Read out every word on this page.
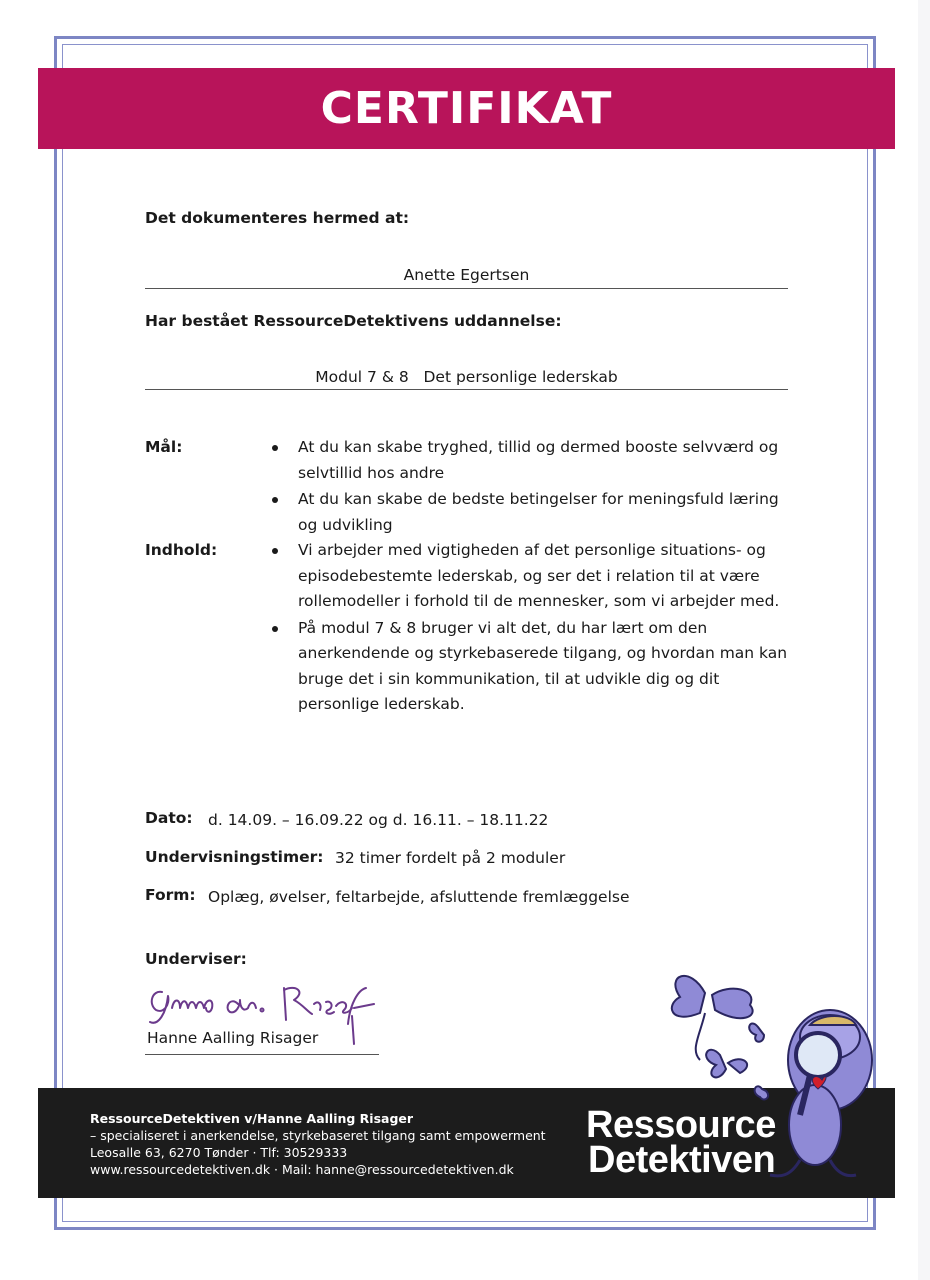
CERTIFIKAT
Det dokumenteres hermed at:
Anette Egertsen
Har bestået RessourceDetektivens uddannelse:
Modul 7 & 8   Det personlige lederskab
Mål:	At du kan skabe tryghed, tillid og dermed booste selvværd og selvtillid hos andre
At du kan skabe de bedste betingelser for meningsfuld læring og udvikling
Indhold:	Vi arbejder med vigtigheden af det personlige situations- og episodebestemte lederskab, og ser det i relation til at være rollemodeller i forhold til de mennesker, som vi arbejder med.
På modul 7 & 8 bruger vi alt det, du har lært om den anerkendende og styrkebaserede tilgang, og hvordan man kan bruge det i sin kommunikation, til at udvikle dig og dit personlige lederskab.
Dato: d. 14.09. – 16.09.22 og d. 16.11. – 18.11.22
Undervisningstimer: 32 timer fordelt på 2 moduler
Form: Oplæg, øvelser, feltarbejde, afsluttende fremlæggelse
Underviser:
Hanne Aalling Risager
RessourceDetektiven v/Hanne Aalling Risager
– specialiseret i anerkendelse, styrkebaseret tilgang samt empowerment
Leosalle 63, 6270 Tønder · Tlf: 30529333
www.ressourcedetektiven.dk · Mail: hanne@ressourcedetektiven.dk
Ressource
Detektiven
